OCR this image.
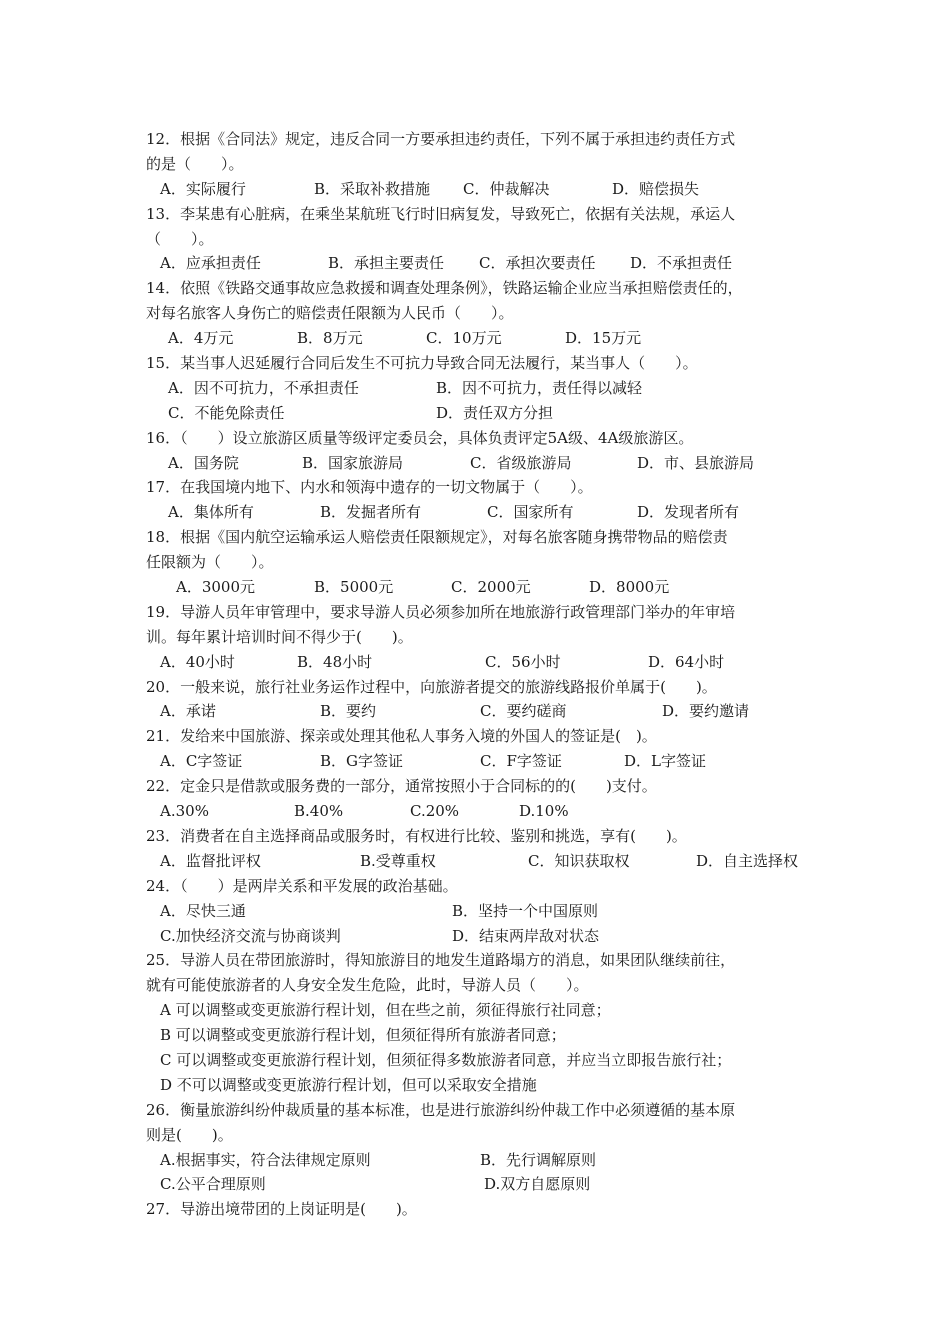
12．根据《合同法》规定，违反合同一方要承担违约责任，下列不属于承担违约责任方式
的是（　　）。
A．实际履行	B．采取补救措施 C．仲裁解决	D．赔偿损失
13．李某患有心脏病，在乘坐某航班飞行时旧病复发，导致死亡，依据有关法规，承运人
（　　）。
A．应承担责任	B．承担主要责任 C．承担次要责任 D．不承担责任
14．依照《铁路交通事故应急救援和调查处理条例》，铁路运输企业应当承担赔偿责任的，
对每名旅客人身伤亡的赔偿责任限额为人民币（　　）。
A．4万元	B．8万元	C．10万元	D．15万元
15．某当事人迟延履行合同后发生不可抗力导致合同无法履行，某当事人（　　）。
A．因不可抗力，不承担责任	B．因不可抗力，责任得以减轻
C．不能免除责任	D．责任双方分担
16．（　　）设立旅游区质量等级评定委员会，具体负责评定5A级、4A级旅游区。
A．国务院	B．国家旅游局	C．省级旅游局	D．市、县旅游局
17．在我国境内地下、内水和领海中遗存的一切文物属于（　　）。
A．集体所有	B．发掘者所有	C．国家所有	D．发现者所有
18．根据《国内航空运输承运人赔偿责任限额规定》，对每名旅客随身携带物品的赔偿责
任限额为（　　）。
A．3000元	B．5000元	C．2000元	D．8000元
19．导游人员年审管理中，要求导游人员必须参加所在地旅游行政管理部门举办的年审培
训。每年累计培训时间不得少于(　　)。
A．40小时	B．48小时	C．56小时	D．64小时
20．一般来说，旅行社业务运作过程中，向旅游者提交的旅游线路报价单属于(　　)。
A．承诺	B．要约	C．要约磋商	D．要约邀请
21．发给来中国旅游、探亲或处理其他私人事务入境的外国人的签证是(　)。
A．C字签证	B．G字签证	C．F字签证	D．L字签证
22．定金只是借款或服务费的一部分，通常按照小于合同标的的(　　)支付。
A.30%	B.40%	C.20%	D.10%
23．消费者在自主选择商品或服务时，有权进行比较、鉴别和挑选，享有(　　)。
A．监督批评权	B.受尊重权	C．知识获取权	D．自主选择权
24．（　　）是两岸关系和平发展的政治基础。
A．尽快三通	B．坚持一个中国原则
C.加快经济交流与协商谈判	D．结束两岸敌对状态
25．导游人员在带团旅游时，得知旅游目的地发生道路塌方的消息，如果团队继续前往，
就有可能使旅游者的人身安全发生危险，此时，导游人员（　　）。
A 可以调整或变更旅游行程计划，但在些之前，须征得旅行社同意；
B 可以调整或变更旅游行程计划，但须征得所有旅游者同意；
C 可以调整或变更旅游行程计划，但须征得多数旅游者同意，并应当立即报告旅行社；
D 不可以调整或变更旅游行程计划，但可以采取安全措施
26．衡量旅游纠纷仲裁质量的基本标准，也是进行旅游纠纷仲裁工作中必须遵循的基本原
则是(　　)。
A.根据事实，符合法律规定原则	B．先行调解原则
C.公平合理原则	D.双方自愿原则
27．导游出境带团的上岗证明是(　　)。
